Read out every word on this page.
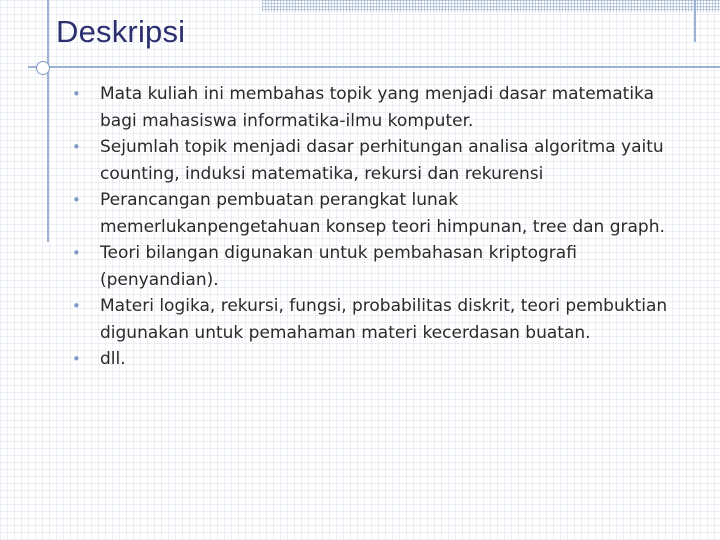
Deskripsi
• Mata kuliah ini membahas topik yang menjadi dasar matematika bagi mahasiswa informatika-ilmu komputer.
• Sejumlah topik menjadi dasar perhitungan analisa algoritma yaitu counting, induksi matematika, rekursi dan rekurensi
• Perancangan pembuatan perangkat lunak memerlukanpengetahuan konsep teori himpunan, tree dan graph.
• Teori bilangan digunakan untuk pembahasan kriptografi (penyandian).
• Materi logika, rekursi, fungsi, probabilitas diskrit, teori pembuktian digunakan untuk pemahaman materi kecerdasan buatan.
• dll.
